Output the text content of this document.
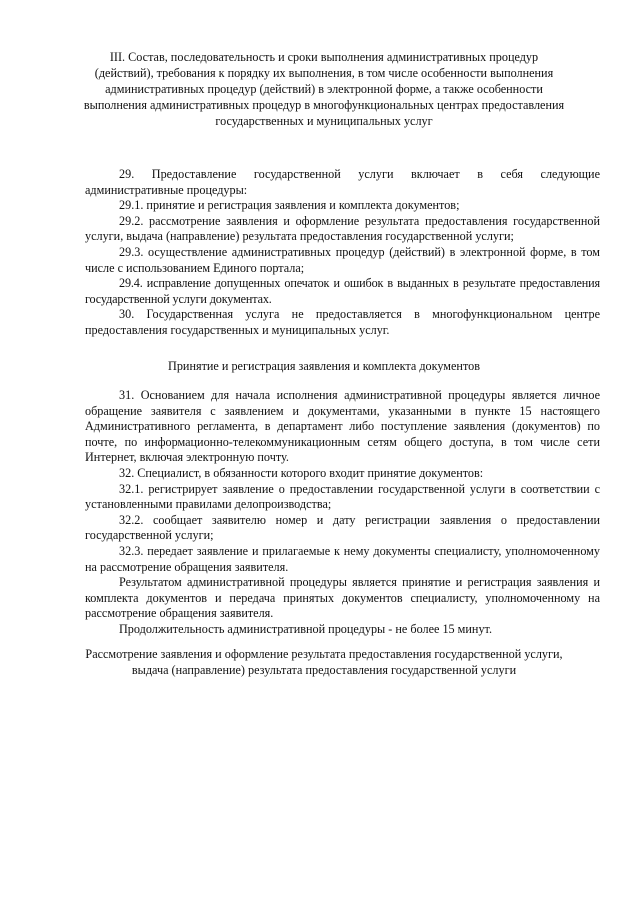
III. Состав, последовательность и сроки выполнения административных процедур (действий), требования к порядку их выполнения, в том числе особенности выполнения административных процедур (действий) в электронной форме, а также особенности выполнения административных процедур в многофункциональных центрах предоставления государственных и муниципальных услуг

29. Предоставление государственной услуги включает в себя следующие административные процедуры:

29.1. принятие и регистрация заявления и комплекта документов;

29.2. рассмотрение заявления и оформление результата предоставления государственной услуги, выдача (направление) результата предоставления государственной услуги;

29.3. осуществление административных процедур (действий) в электронной форме, в том числе с использованием Единого портала;

29.4. исправление допущенных опечаток и ошибок в выданных в результате предоставления государственной услуги документах.

30. Государственная услуга не предоставляется в многофункциональном центре предоставления государственных и муниципальных услуг.

Принятие и регистрация заявления и комплекта документов

31. Основанием для начала исполнения административной процедуры является личное обращение заявителя с заявлением и документами, указанными в пункте 15 настоящего Административного регламента, в департамент либо поступление заявления (документов) по почте, по информационно-телекоммуникационным сетям общего доступа, в том числе сети Интернет, включая электронную почту.

32. Специалист, в обязанности которого входит принятие документов:

32.1. регистрирует заявление о предоставлении государственной услуги в соответствии с установленными правилами делопроизводства;

32.2. сообщает заявителю номер и дату регистрации заявления о предоставлении государственной услуги;

32.3. передает заявление и прилагаемые к нему документы специалисту, уполномоченному на рассмотрение обращения заявителя.

Результатом административной процедуры является принятие и регистрация заявления и комплекта документов и передача принятых документов специалисту, уполномоченному на рассмотрение обращения заявителя.

Продолжительность административной процедуры - не более 15 минут.

Рассмотрение заявления и оформление результата предоставления государственной услуги, выдача (направление) результата предоставления государственной услуги
